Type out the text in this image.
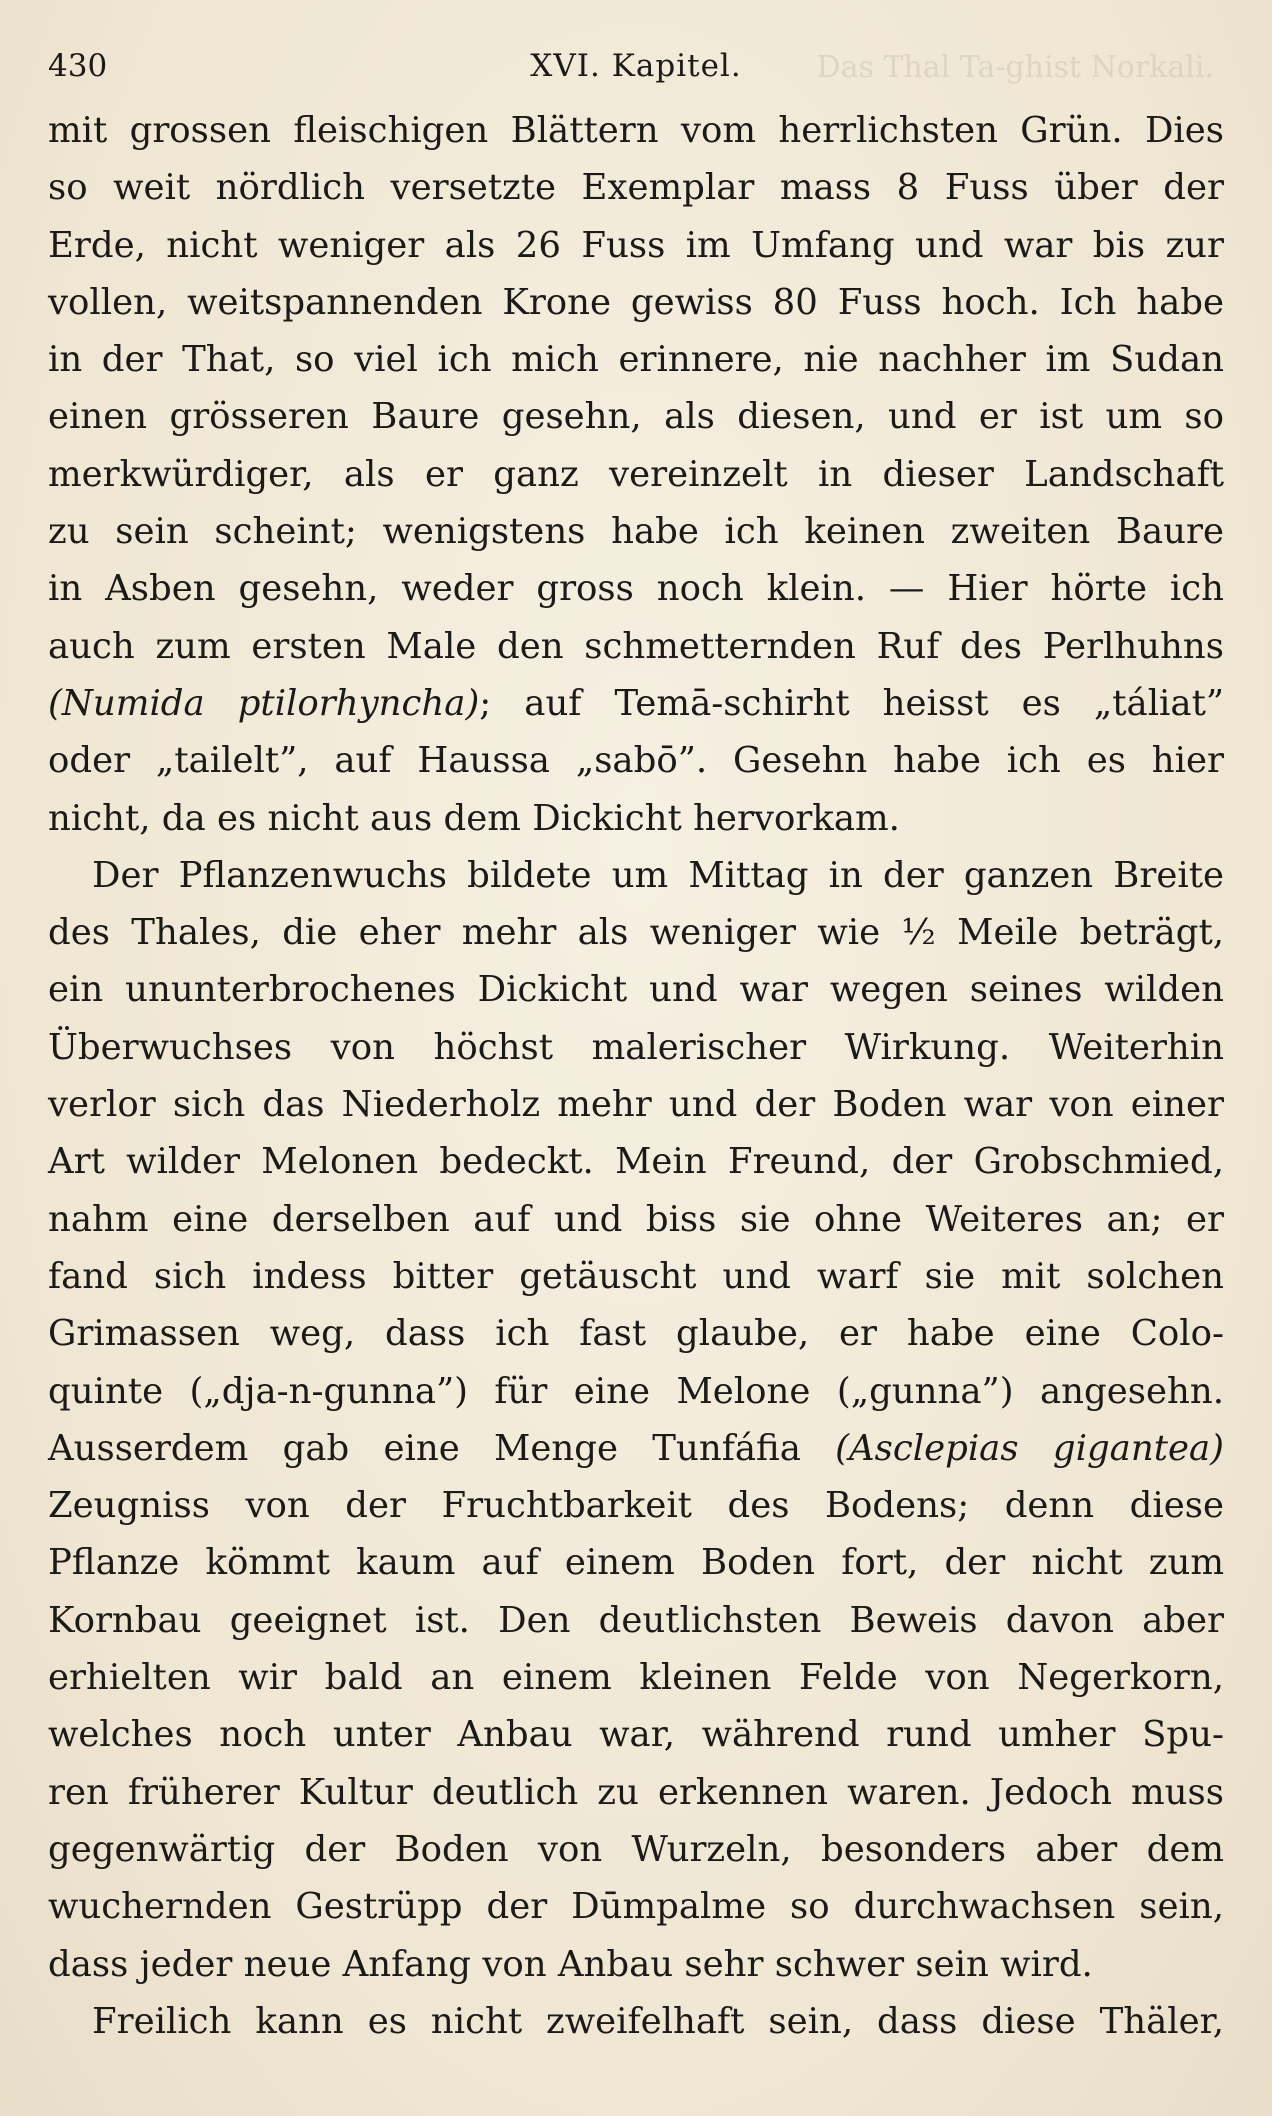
430	XVI. Kapitel.	Das Thal Ta-ghist Norkali.
mit grossen fleischigen Blättern vom herrlichsten Grün. Dies
so weit nördlich versetzte Exemplar mass 8 Fuss über der
Erde, nicht weniger als 26 Fuss im Umfang und war bis zur
vollen, weitspannenden Krone gewiss 80 Fuss hoch. Ich habe
in der That, so viel ich mich erinnere, nie nachher im Sudan
einen grösseren Baure gesehn, als diesen, und er ist um so
merkwürdiger, als er ganz vereinzelt in dieser Landschaft
zu sein scheint; wenigstens habe ich keinen zweiten Baure
in Asben gesehn, weder gross noch klein. — Hier hörte ich
auch zum ersten Male den schmetternden Ruf des Perlhuhns
(Numida ptilorhyncha); auf Temā-schirht heisst es „táliat”
oder „tailelt”, auf Haussa „sabō”. Gesehn habe ich es hier
nicht, da es nicht aus dem Dickicht hervorkam.
Der Pflanzenwuchs bildete um Mittag in der ganzen Breite
des Thales, die eher mehr als weniger wie ½ Meile beträgt,
ein ununterbrochenes Dickicht und war wegen seines wilden
Überwuchses von höchst malerischer Wirkung. Weiterhin
verlor sich das Niederholz mehr und der Boden war von einer
Art wilder Melonen bedeckt. Mein Freund, der Grobschmied,
nahm eine derselben auf und biss sie ohne Weiteres an; er
fand sich indess bitter getäuscht und warf sie mit solchen
Grimassen weg, dass ich fast glaube, er habe eine Colo-
quinte („dja-n-gunna”) für eine Melone („gunna”) angesehn.
Ausserdem gab eine Menge Tunfáfia (Asclepias gigantea)
Zeugniss von der Fruchtbarkeit des Bodens; denn diese
Pflanze kömmt kaum auf einem Boden fort, der nicht zum
Kornbau geeignet ist. Den deutlichsten Beweis davon aber
erhielten wir bald an einem kleinen Felde von Negerkorn,
welches noch unter Anbau war, während rund umher Spu-
ren früherer Kultur deutlich zu erkennen waren. Jedoch muss
gegenwärtig der Boden von Wurzeln, besonders aber dem
wuchernden Gestrüpp der Dūmpalme so durchwachsen sein,
dass jeder neue Anfang von Anbau sehr schwer sein wird.
Freilich kann es nicht zweifelhaft sein, dass diese Thäler,
